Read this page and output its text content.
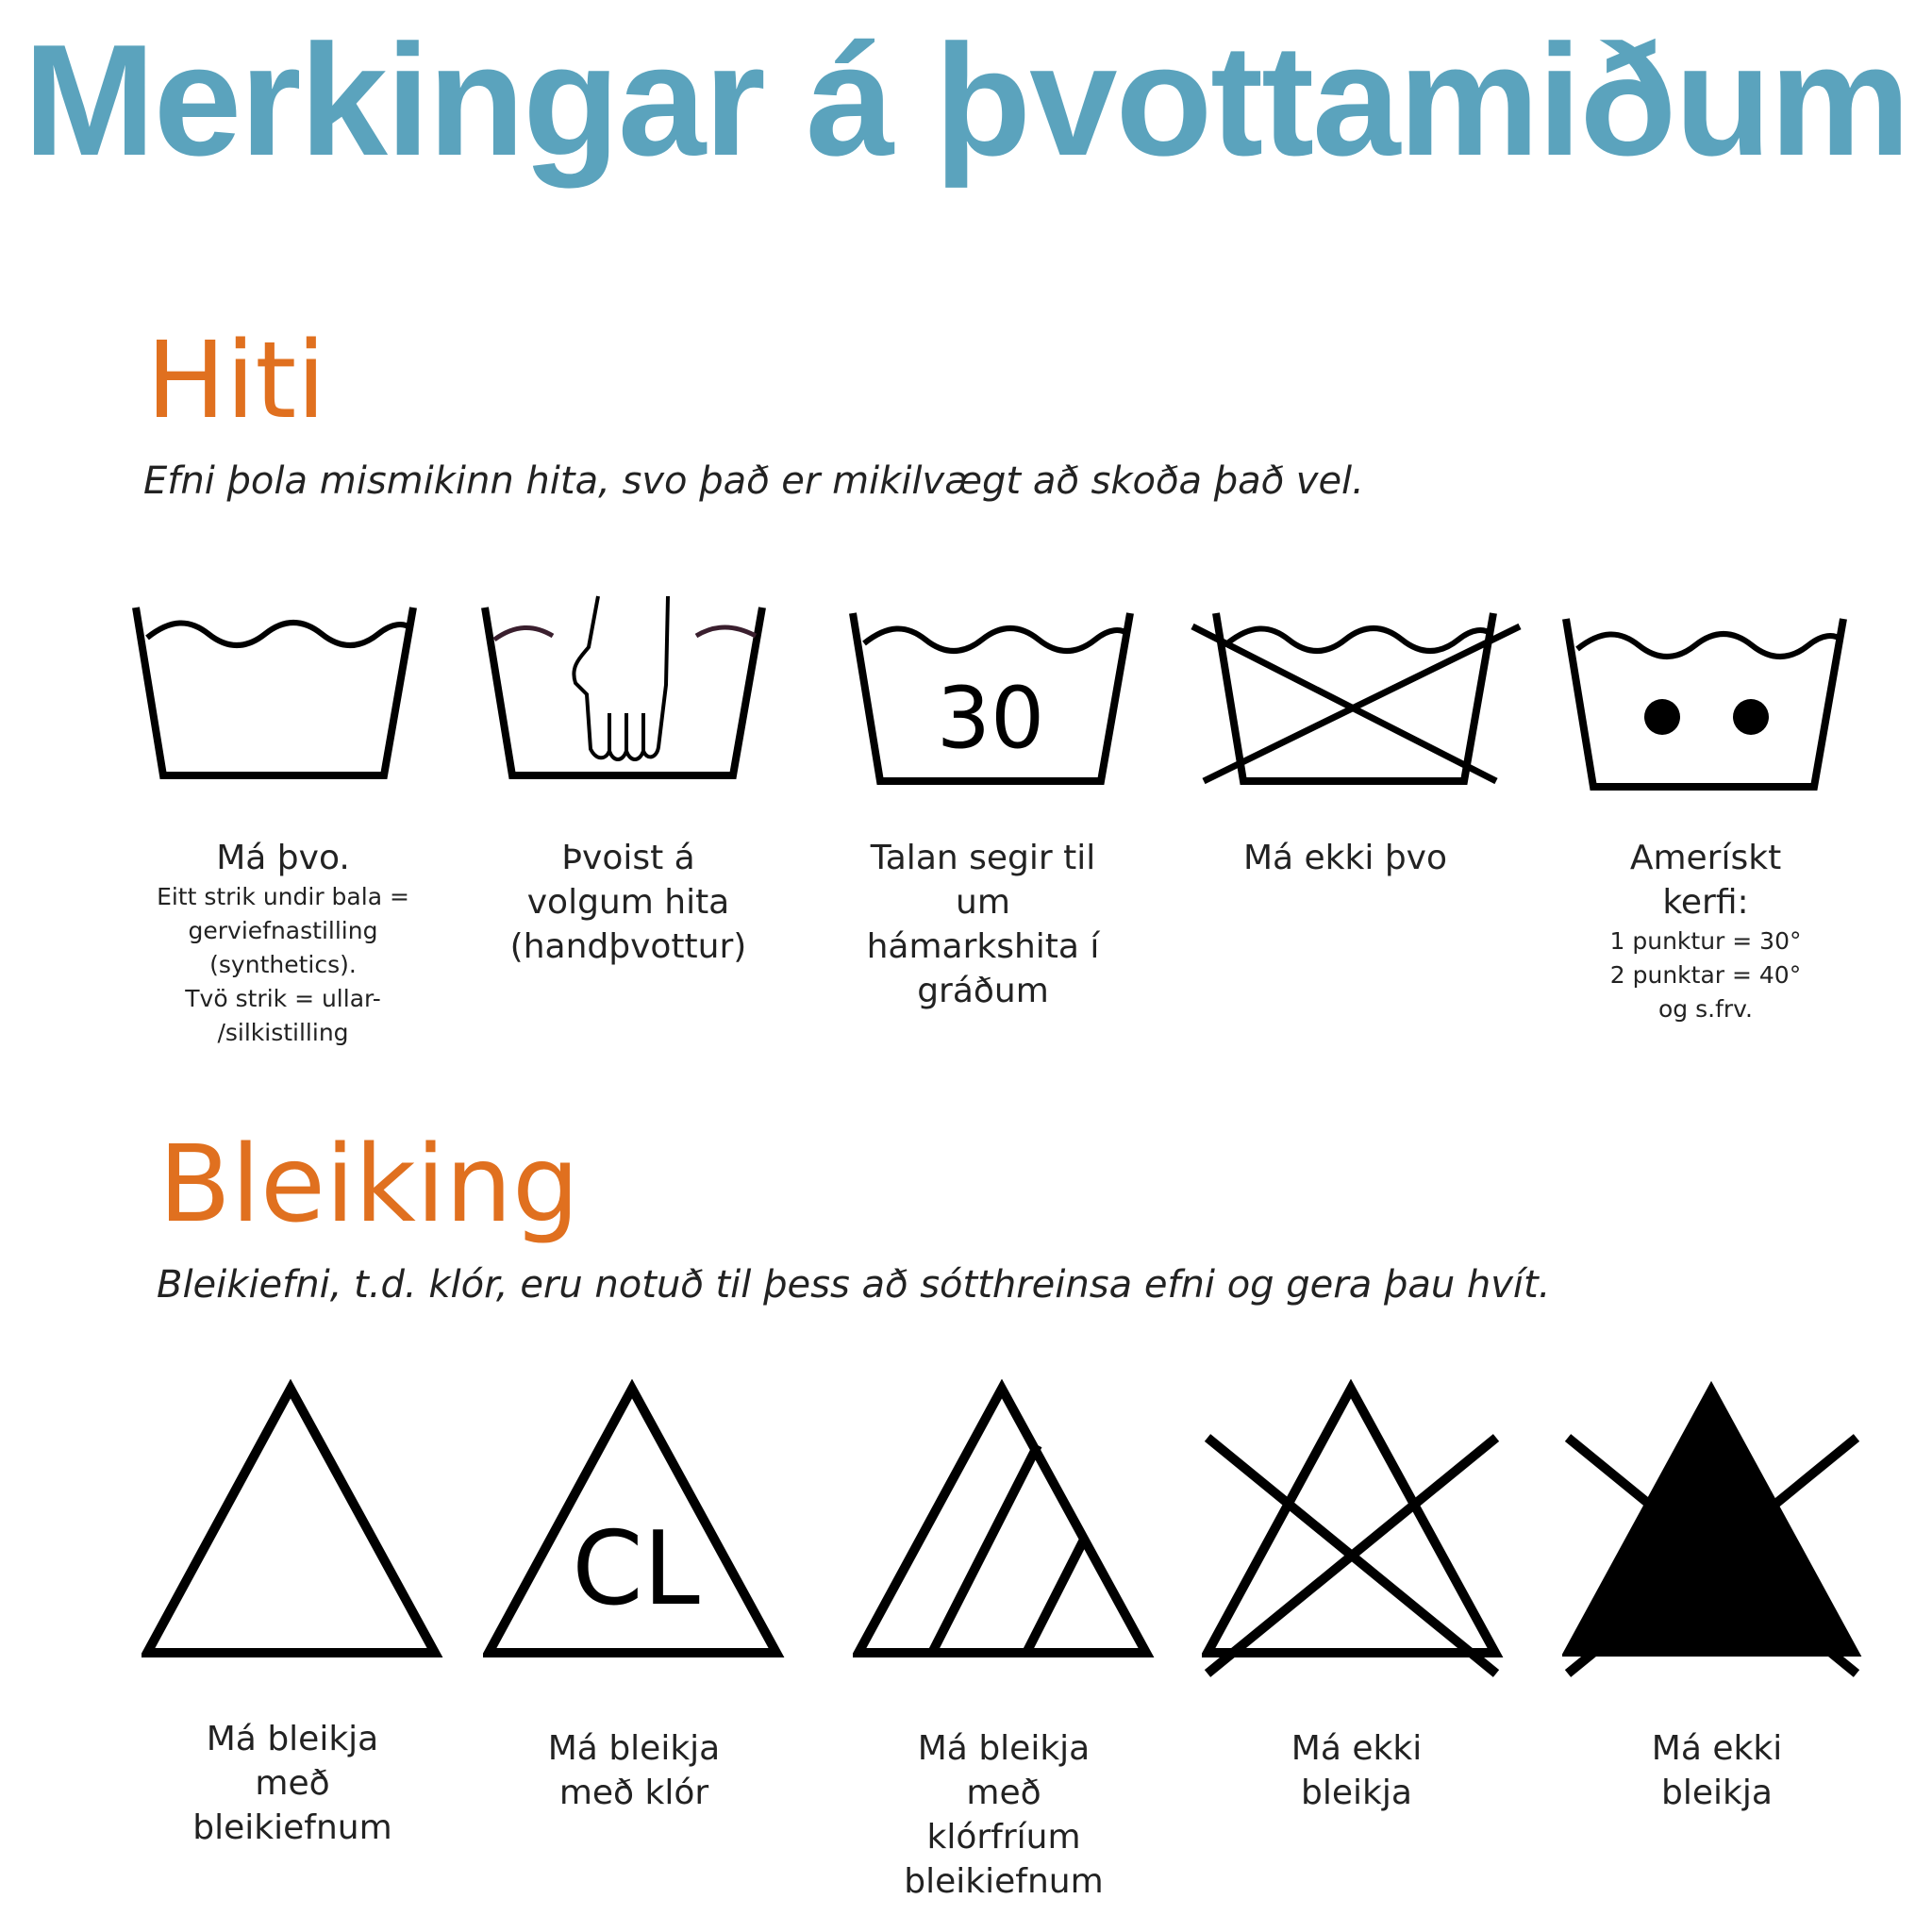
Merkingar á þvottamiðum
Hiti
Efni þola mismikinn hita, svo það er mikilvægt að skoða það vel.
30
Má þvo.
Eitt strik undir bala =
gerviefnastilling
(synthetics).
Tvö strik = ullar-
/silkistilling
Þvoist á
volgum hita
(handþvottur)
Talan segir til
um
hámarkshita í
gráðum
Má ekki þvo	Amerískt
kerfi:
1 punktur = 30°
2 punktar = 40°
og s.frv.
Bleiking
Bleikiefni, t.d. klór, eru notuð til þess að sótthreinsa efni og gera þau hvít.
CL
Má bleikja
með
bleikiefnum
Má bleikja
með klór
Má bleikja
með
klórfríum
bleikiefnum
Má ekki
bleikja
Má ekki
bleikja
